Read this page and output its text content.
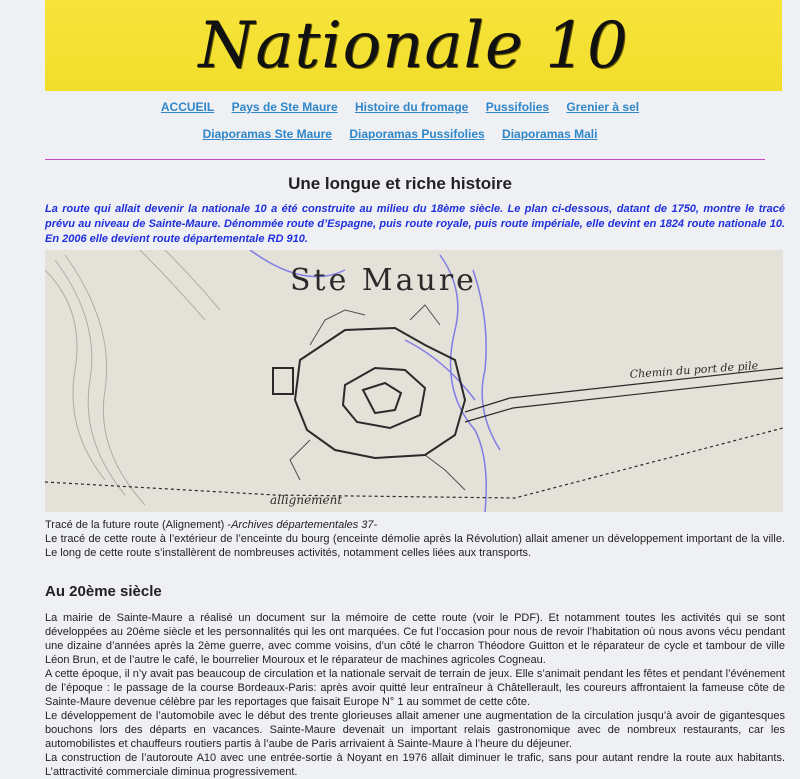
Nationale 10
ACCUEIL Pays de Ste Maure Histoire du fromage Pussifolies Grenier à sel
Diaporamas Ste Maure Diaporamas Pussifolies Diaporamas Mali
Une longue et riche histoire
La route qui allait devenir la nationale 10 a été construite au milieu du 18ème siècle. Le plan ci-dessous, datant de 1750, montre le tracé prévu au niveau de Sainte-Maure. Dénommée route d’Espagne, puis route royale, puis route impériale, elle devint en 1824 route nationale 10. En 2006 elle devient route départementale RD 910.
Ste Maure
Chemin du port de pile
allignement
Tracé de la future route (Alignement) -Archives départementales 37-
Le tracé de cette route à l’extérieur de l’enceinte du bourg (enceinte démolie après la Révolution) allait amener un développement important de la ville. Le long de cette route s’installèrent de nombreuses activités, notamment celles liées aux transports.
Au 20ème siècle

La mairie de Sainte-Maure a réalisé un document sur la mémoire de cette route (voir le PDF). Et notamment toutes les activités qui se sont développées au 20ème siècle et les personnalités qui les ont marquées. Ce fut l’occasion pour nous de revoir l’habitation où nous avons vécu pendant une dizaine d’années après la 2ème guerre, avec comme voisins, d’un côté le charron Théodore Guitton et le réparateur de cycle et tambour de ville Léon Brun, et de l’autre le café, le bourrelier Mouroux et le réparateur de machines agricoles Cogneau.

A cette époque, il n’y avait pas beaucoup de circulation et la nationale servait de terrain de jeux. Elle s’animait pendant les fêtes et pendant l’événement de l’époque : le passage de la course Bordeaux-Paris: après avoir quitté leur entraîneur à Châtellerault, les coureurs affrontaient la fameuse côte de Sainte-Maure devenue célèbre par les reportages que faisait Europe N° 1 au sommet de cette côte.

Le développement de l’automobile avec le début des trente glorieuses allait amener une augmentation de la circulation jusqu’à avoir de gigantesques bouchons lors des départs en vacances. Sainte-Maure devenait un important relais gastronomique avec de nombreux restaurants, car les automobilistes et chauffeurs routiers partis à l’aube de Paris arrivaient à Sainte-Maure à l’heure du déjeuner.

La construction de l’autoroute A10 avec une entrée-sortie à Noyant en 1976 allait diminuer le trafic, sans pour autant rendre la route aux habitants. L’attractivité commerciale diminua progressivement.
